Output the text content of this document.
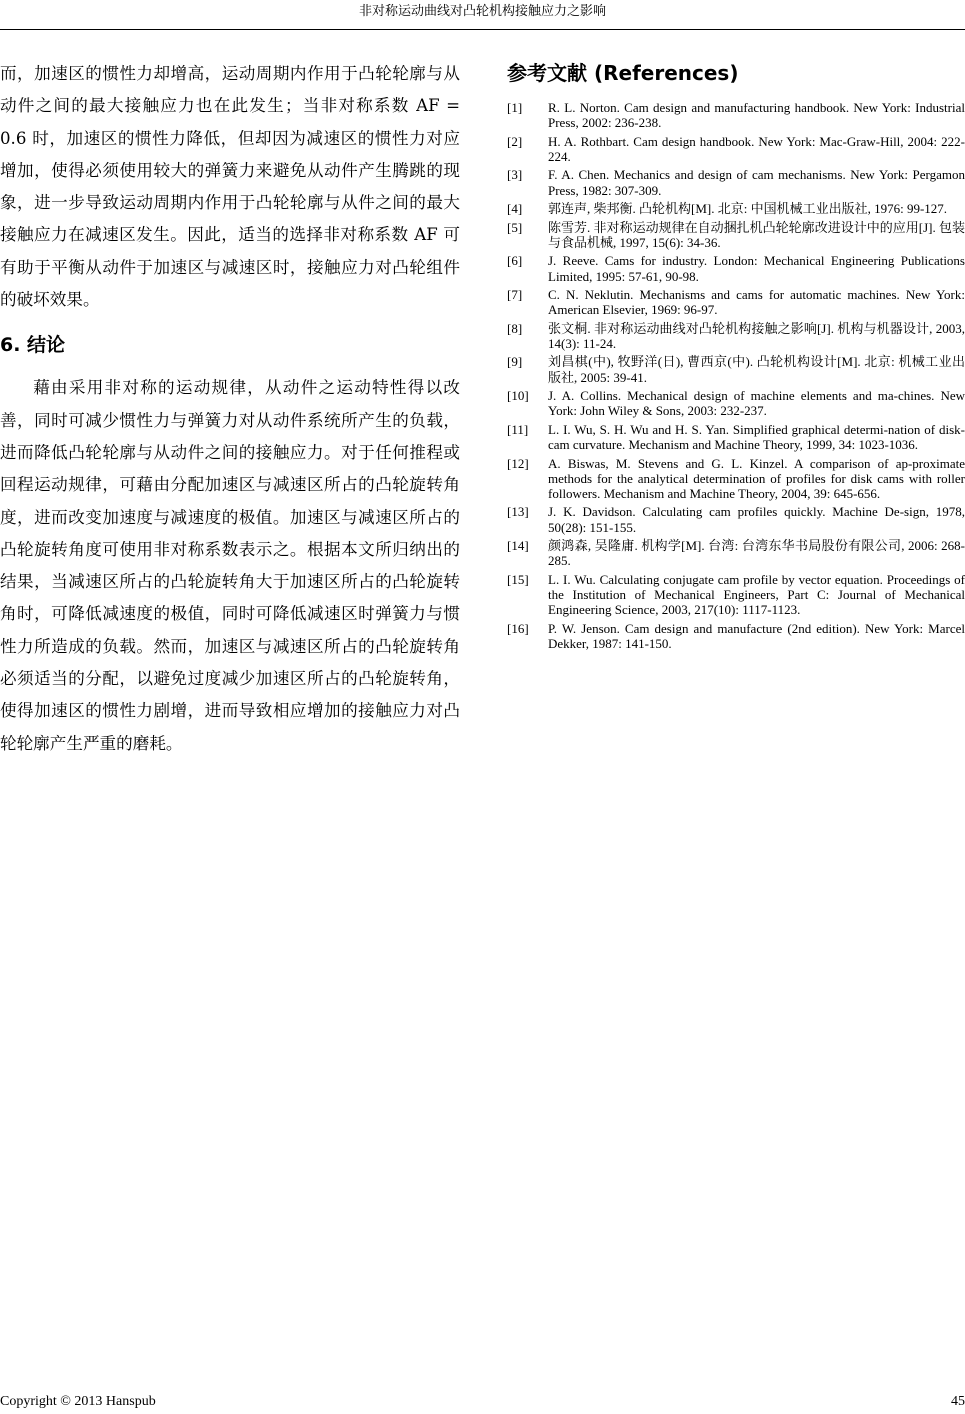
非对称运动曲线对凸轮机构接触应力之影响

而，加速区的惯性力却增高，运动周期内作用于凸轮轮廓与从动件之间的最大接触应力也在此发生；当非对称系数 AF = 0.6 时，加速区的惯性力降低，但却因为减速区的惯性力对应增加，使得必须使用较大的弹簧力来避免从动件产生腾跳的现象，进一步导致运动周期内作用于凸轮轮廓与从件之间的最大接触应力在减速区发生。因此，适当的选择非对称系数 AF 可有助于平衡从动件于加速区与减速区时，接触应力对凸轮组件的破坏效果。

6. 结论

藉由采用非对称的运动规律，从动件之运动特性得以改善，同时可减少惯性力与弹簧力对从动件系统所产生的负载，进而降低凸轮轮廓与从动件之间的接触应力。对于任何推程或回程运动规律，可藉由分配加速区与减速区所占的凸轮旋转角度，进而改变加速度与减速度的极值。加速区与减速区所占的凸轮旋转角度可使用非对称系数表示之。根据本文所归纳出的结果，当减速区所占的凸轮旋转角大于加速区所占的凸轮旋转角时，可降低减速度的极值，同时可降低减速区时弹簧力与惯性力所造成的负载。然而，加速区与减速区所占的凸轮旋转角必须适当的分配，以避免过度减少加速区所占的凸轮旋转角，使得加速区的惯性力剧增，进而导致相应增加的接触应力对凸轮轮廓产生严重的磨耗。

参考文献 (References)
[1]	R. L. Norton. Cam design and manufacturing handbook. New York: Industrial Press, 2002: 236-238.
[2]	H. A. Rothbart. Cam design handbook. New York: Mac-Graw-Hill, 2004: 222-224.
[3]	F. A. Chen. Mechanics and design of cam mechanisms. New York: Pergamon Press, 1982: 307-309.
[4]	郭连声, 柴邦衡. 凸轮机构[M]. 北京: 中国机械工业出版社, 1976: 99-127.
[5]	陈雪芳. 非对称运动规律在自动捆扎机凸轮轮廓改进设计中的应用[J]. 包装与食品机械, 1997, 15(6): 34-36.
[6]	J. Reeve. Cams for industry. London: Mechanical Engineering Publications Limited, 1995: 57-61, 90-98.
[7]	C. N. Neklutin. Mechanisms and cams for automatic machines. New York: American Elsevier, 1969: 96-97.
[8]	张文桐. 非对称运动曲线对凸轮机构接触之影响[J]. 机构与机器设计, 2003, 14(3): 11-24.
[9]	刘昌棋(中), 牧野洋(日), 曹西京(中). 凸轮机构设计[M]. 北京: 机械工业出版社, 2005: 39-41.
[10]	J. A. Collins. Mechanical design of machine elements and ma-chines. New York: John Wiley & Sons, 2003: 232-237.
[11]	L. I. Wu, S. H. Wu and H. S. Yan. Simplified graphical determi-nation of disk-cam curvature. Mechanism and Machine Theory, 1999, 34: 1023-1036.
[12]	A. Biswas, M. Stevens and G. L. Kinzel. A comparison of ap-proximate methods for the analytical determination of profiles for disk cams with roller followers. Mechanism and Machine Theory, 2004, 39: 645-656.
[13]	J. K. Davidson. Calculating cam profiles quickly. Machine De-sign, 1978, 50(28): 151-155.
[14]	颜鸿森, 吴隆庸. 机构学[M]. 台湾: 台湾东华书局股份有限公司, 2006: 268-285.
[15]	L. I. Wu. Calculating conjugate cam profile by vector equation. Proceedings of the Institution of Mechanical Engineers, Part C: Journal of Mechanical Engineering Science, 2003, 217(10): 1117-1123.
[16]	P. W. Jenson. Cam design and manufacture (2nd edition). New York: Marcel Dekker, 1987: 141-150.
Copyright © 2013 Hanspub	45
